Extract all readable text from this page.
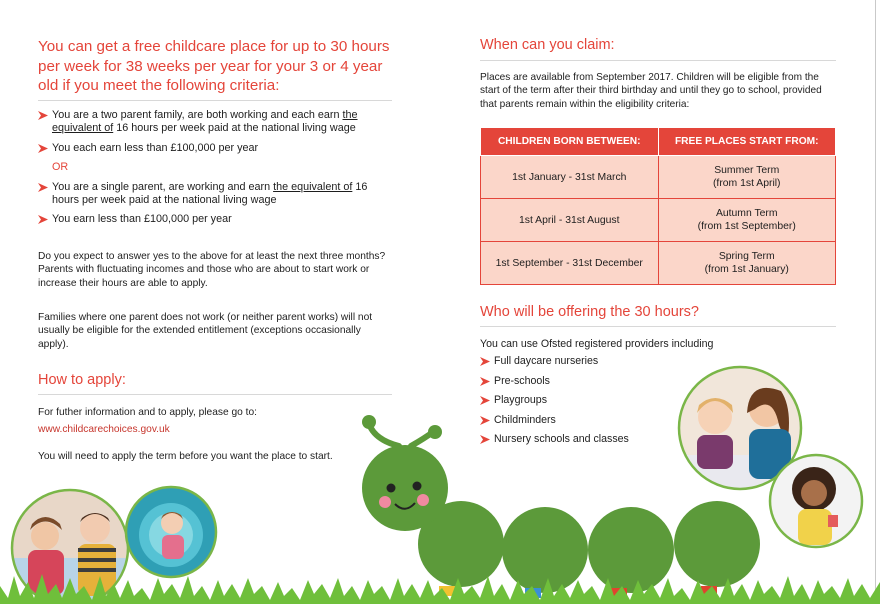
You can get a free childcare place for up to 30 hours per week for 38 weeks per year for your 3 or 4 year old if you meet the following criteria:
You are a two parent family, are both working and each earn the equivalent of 16 hours per week paid at the national living wage
You each earn less than £100,000 per year
OR
You are a single parent, are working and earn the equivalent of 16 hours per week paid at the national living wage
You earn less than £100,000 per year

Do you expect to answer yes to the above for at least the next three months? Parents with fluctuating incomes and those who are about to start work or increase their hours are able to apply.

Families where one parent does not work (or neither parent works) will not usually be eligible for the extended entitlement (exceptions occasionally apply).

How to apply:

For futher information and to apply, please go to:

www.childcarechoices.gov.uk

You will need to apply the term before you want the place to start.

When can you claim:

Places are available from September 2017. Children will be eligible from the start of the term after their third birthday and until they go to school, provided that parents remain within the eligibility criteria:

CHILDREN BORN BETWEEN:	FREE PLACES START FROM:
1st January - 31st March	Summer Term
(from 1st April)
1st April - 31st August	Autumn Term
(from 1st September)
1st September - 31st December	Spring Term
(from 1st January)
Who will be offering the 30 hours?

You can use Ofsted registered providers including

Full daycare nurseries
Pre-schools
Playgroups
Childminders
Nursery schools and classes
